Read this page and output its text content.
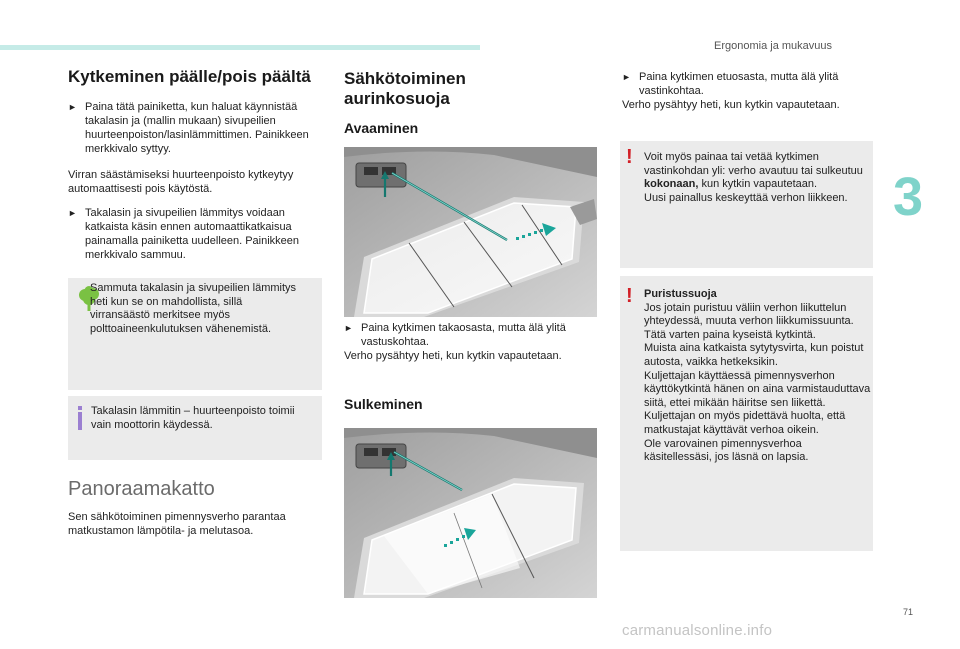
Ergonomia ja mukavuus
3
71
carmanualsonline.info
Kytkeminen päälle/pois päältä
► Paina tätä painiketta, kun haluat käynnistää takalasin ja (mallin mukaan) sivupeilien huurteenpoiston/lasinlämmittimen. Painikkeen merkkivalo syttyy.
Virran säästämiseksi huurteenpoisto kytkeytyy automaattisesti pois käytöstä.
► Takalasin ja sivupeilien lämmitys voidaan katkaista käsin ennen automaattikatkaisua painamalla painiketta uudelleen. Painikkeen merkkivalo sammuu.
Sammuta takalasin ja sivupeilien lämmitys heti kun se on mahdollista, sillä virransäästö merkitsee myös polttoaineenkulutuksen vähenemistä.
Takalasin lämmitin – huurteenpoisto toimii vain moottorin käydessä.
Panoraamakatto
Sen sähkötoiminen pimennysverho parantaa matkustamon lämpötila- ja melutasoa.
Sähkötoiminen
aurinkosuoja
Avaaminen
► Paina kytkimen takaosasta, mutta älä ylitä vastuskohtaa.
Verho pysähtyy heti, kun kytkin vapautetaan.
Sulkeminen
► Paina kytkimen etuosasta, mutta älä ylitä vastinkohtaa.
Verho pysähtyy heti, kun kytkin vapautetaan.
! Voit myös painaa tai vetää kytkimen vastinkohdan yli: verho avautuu tai sulkeutuu kokonaan, kun kytkin vapautetaan.
Uusi painallus keskeyttää verhon liikkeen.
! Puristussuoja
Jos jotain puristuu väliin verhon liikuttelun yhteydessä, muuta verhon liikkumissuunta. Tätä varten paina kyseistä kytkintä.
Muista aina katkaista sytytysvirta, kun poistut autosta, vaikka hetkeksikin.
Kuljettajan käyttäessä pimennysverhon käyttökytkintä hänen on aina varmistauduttava siitä, ettei mikään häiritse sen liikettä.
Kuljettajan on myös pidettävä huolta, että matkustajat käyttävät verhoa oikein.
Ole varovainen pimennysverhoa käsitellessäsi, jos läsnä on lapsia.
